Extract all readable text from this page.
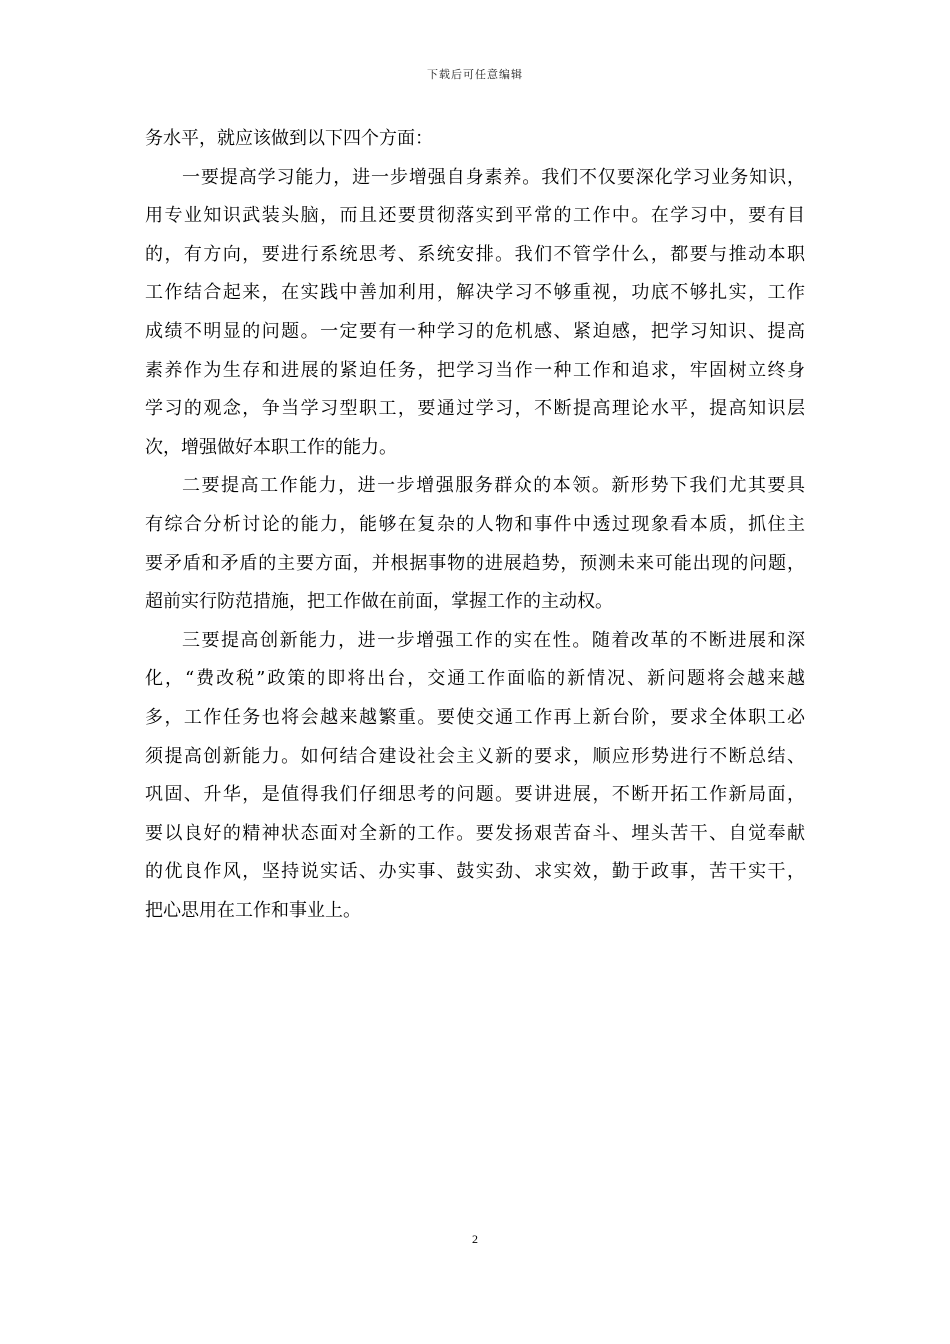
下载后可任意编辑
务水平，就应该做到以下四个方面：
一要提高学习能力，进一步增强自身素养。我们不仅要深化学习业务知识，
用专业知识武装头脑，而且还要贯彻落实到平常的工作中。在学习中，要有目
的，有方向，要进行系统思考、系统安排。我们不管学什么，都要与推动本职
工作结合起来，在实践中善加利用，解决学习不够重视，功底不够扎实，工作
成绩不明显的问题。一定要有一种学习的危机感、紧迫感，把学习知识、提高
素养作为生存和进展的紧迫任务，把学习当作一种工作和追求，牢固树立终身
学习的观念，争当学习型职工，要通过学习，不断提高理论水平，提高知识层
次，增强做好本职工作的能力。
二要提高工作能力，进一步增强服务群众的本领。新形势下我们尤其要具
有综合分析讨论的能力，能够在复杂的人物和事件中透过现象看本质，抓住主
要矛盾和矛盾的主要方面，并根据事物的进展趋势，预测未来可能出现的问题，
超前实行防范措施，把工作做在前面，掌握工作的主动权。
三要提高创新能力，进一步增强工作的实在性。随着改革的不断进展和深
化，“费改税”政策的即将出台，交通工作面临的新情况、新问题将会越来越
多，工作任务也将会越来越繁重。要使交通工作再上新台阶，要求全体职工必
须提高创新能力。如何结合建设社会主义新的要求，顺应形势进行不断总结、
巩固、升华，是值得我们仔细思考的问题。要讲进展，不断开拓工作新局面，
要以良好的精神状态面对全新的工作。要发扬艰苦奋斗、埋头苦干、自觉奉献
的优良作风，坚持说实话、办实事、鼓实劲、求实效，勤于政事，苦干实干，
把心思用在工作和事业上。
2
